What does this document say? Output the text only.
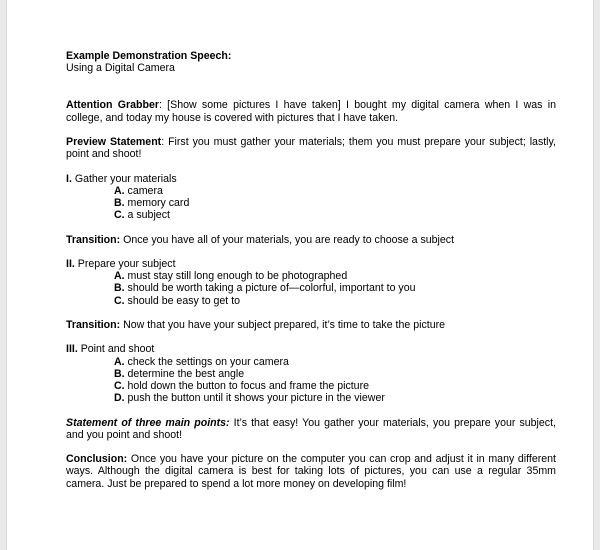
Example Demonstration Speech:

Using a Digital Camera

Attention Grabber: [Show some pictures I have taken] I bought my digital camera when I was in college, and today my house is covered with pictures that I have taken.

Preview Statement: First you must gather your materials; them you must prepare your subject; lastly, point and shoot!

I. Gather your materials

A. camera

B. memory card

C. a subject

Transition: Once you have all of your materials, you are ready to choose a subject

II. Prepare your subject

A. must stay still long enough to be photographed

B. should be worth taking a picture of—colorful, important to you

C. should be easy to get to

Transition: Now that you have your subject prepared, it’s time to take the picture

III. Point and shoot

A. check the settings on your camera

B. determine the best angle

C. hold down the button to focus and frame the picture

D. push the button until it shows your picture in the viewer

Statement of three main points: It’s that easy! You gather your materials, you prepare your subject, and you point and shoot!

Conclusion: Once you have your picture on the computer you can crop and adjust it in many different ways. Although the digital camera is best for taking lots of pictures, you can use a regular 35mm camera. Just be prepared to spend a lot more money on developing film!
